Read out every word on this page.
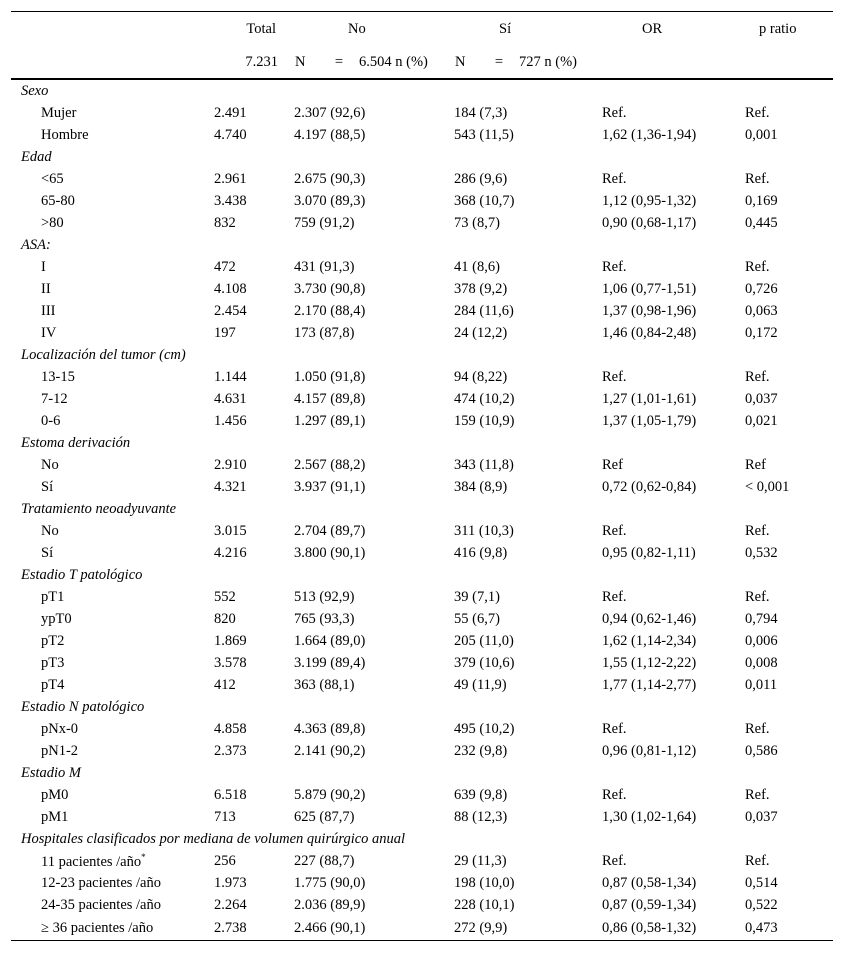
	Total	No	Sí	OR	p ratio
	7.231	N = 6.504 n (%)	N = 727 n (%)		

Sexo					
Mujer	2.491	2.307 (92,6)	184 (7,3)	Ref.	Ref.
Hombre	4.740	4.197 (88,5)	543 (11,5)	1,62 (1,36-1,94)	0,001
Edad					
<65	2.961	2.675 (90,3)	286 (9,6)	Ref.	Ref.
65-80	3.438	3.070 (89,3)	368 (10,7)	1,12 (0,95-1,32)	0,169
>80	832	759 (91,2)	73 (8,7)	0,90 (0,68-1,17)	0,445
ASA:					
I	472	431 (91,3)	41 (8,6)	Ref.	Ref.
II	4.108	3.730 (90,8)	378 (9,2)	1,06 (0,77-1,51)	0,726
III	2.454	2.170 (88,4)	284 (11,6)	1,37 (0,98-1,96)	0,063
IV	197	173 (87,8)	24 (12,2)	1,46 (0,84-2,48)	0,172
Localización del tumor (cm)					
13-15	1.144	1.050 (91,8)	94 (8,22)	Ref.	Ref.
7-12	4.631	4.157 (89,8)	474 (10,2)	1,27 (1,01-1,61)	0,037
0-6	1.456	1.297 (89,1)	159 (10,9)	1,37 (1,05-1,79)	0,021
Estoma derivación					
No	2.910	2.567 (88,2)	343 (11,8)	Ref	Ref
Sí	4.321	3.937 (91,1)	384 (8,9)	0,72 (0,62-0,84)	< 0,001
Tratamiento neoadyuvante					
No	3.015	2.704 (89,7)	311 (10,3)	Ref.	Ref.
Sí	4.216	3.800 (90,1)	416 (9,8)	0,95 (0,82-1,11)	0,532
Estadio T patológico					
pT1	552	513 (92,9)	39 (7,1)	Ref.	Ref.
ypT0	820	765 (93,3)	55 (6,7)	0,94 (0,62-1,46)	0,794
pT2	1.869	1.664 (89,0)	205 (11,0)	1,62 (1,14-2,34)	0,006
pT3	3.578	3.199 (89,4)	379 (10,6)	1,55 (1,12-2,22)	0,008
pT4	412	363 (88,1)	49 (11,9)	1,77 (1,14-2,77)	0,011
Estadio N patológico					
pNx-0	4.858	4.363 (89,8)	495 (10,2)	Ref.	Ref.
pN1-2	2.373	2.141 (90,2)	232 (9,8)	0,96 (0,81-1,12)	0,586
Estadio M					
pM0	6.518	5.879 (90,2)	639 (9,8)	Ref.	Ref.
pM1	713	625 (87,7)	88 (12,3)	1,30 (1,02-1,64)	0,037
Hospitales clasificados por mediana de volumen quirúrgico anual					
11 pacientes /año*	256	227 (88,7)	29 (11,3)	Ref.	Ref.
12-23 pacientes /año	1.973	1.775 (90,0)	198 (10,0)	0,87 (0,58-1,34)	0,514
24-35 pacientes /año	2.264	2.036 (89,9)	228 (10,1)	0,87 (0,59-1,34)	0,522
≥ 36 pacientes /año	2.738	2.466 (90,1)	272 (9,9)	0,86 (0,58-1,32)	0,473
